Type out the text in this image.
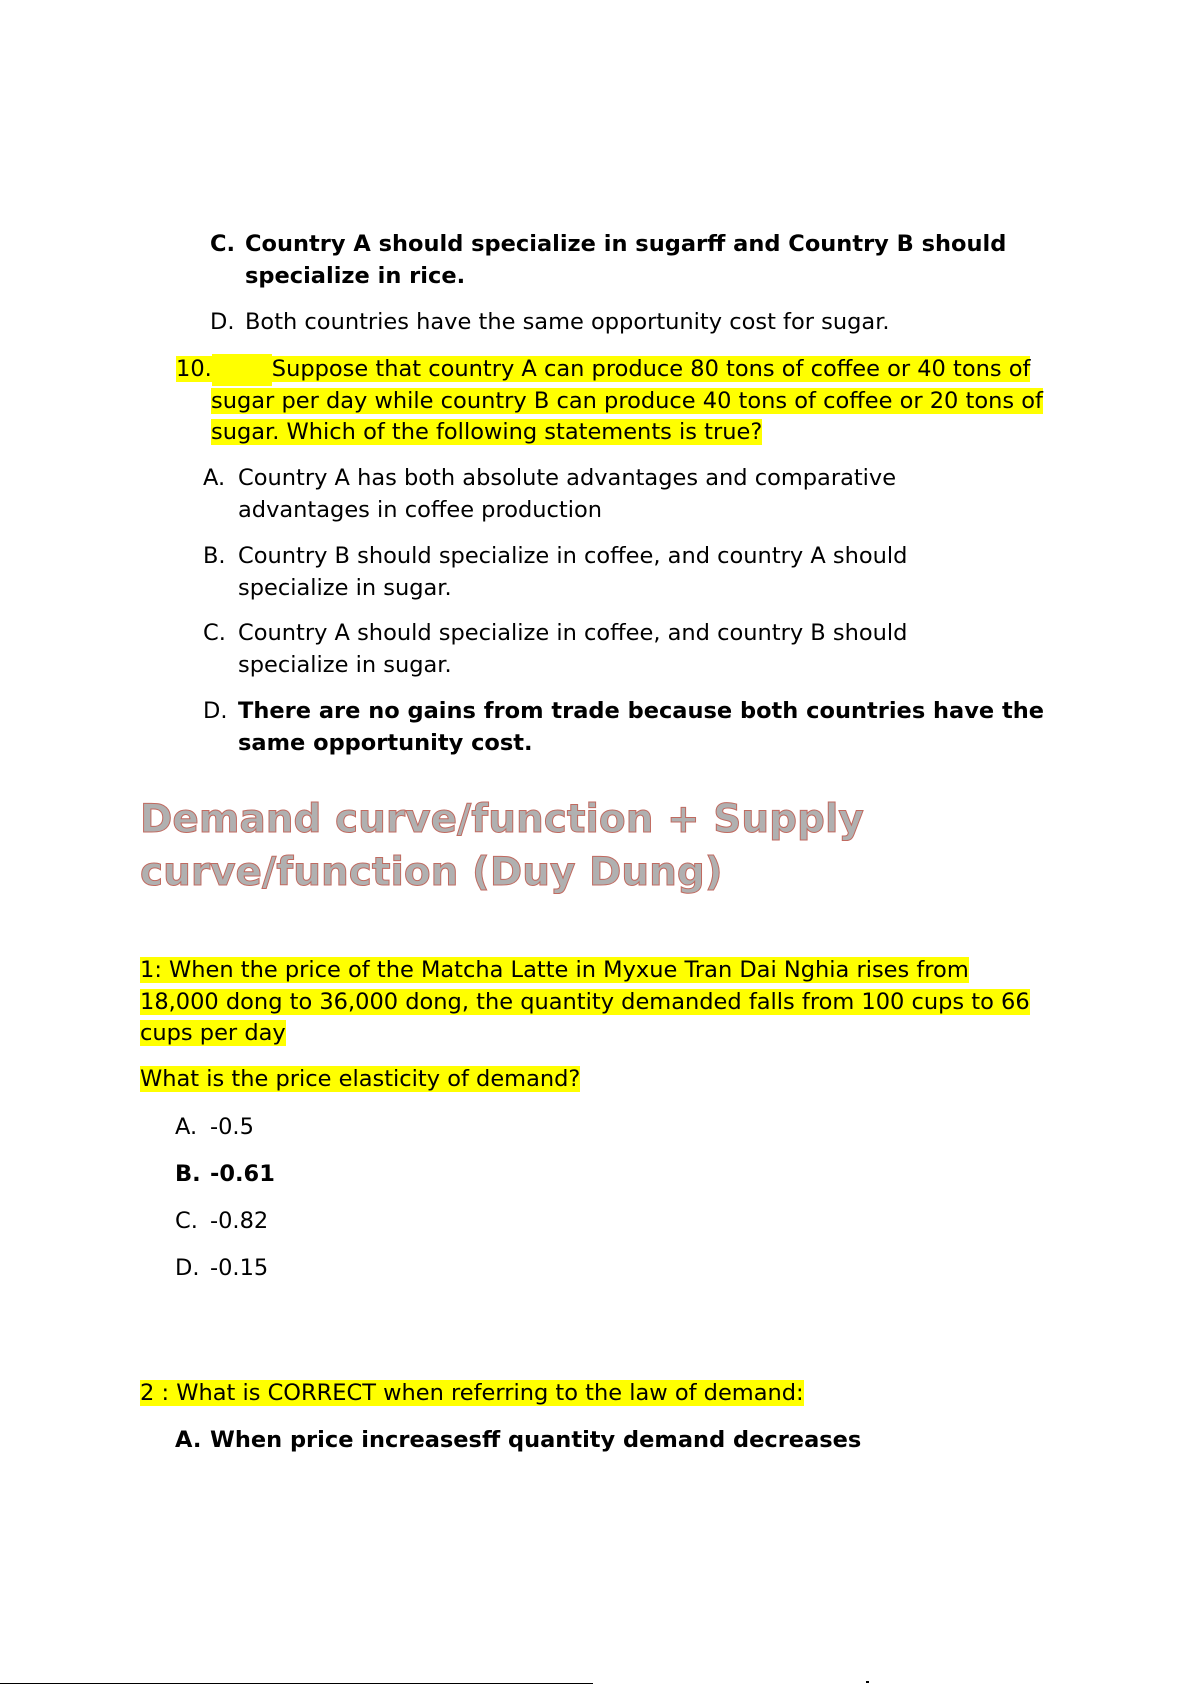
C. Country A should specialize in sugarff and Country B should specialize in rice.
D. Both countries have the same opportunity cost for sugar.
10.	Suppose that country A can produce 80 tons of coffee or 40 tons of sugar per day while country B can produce 40 tons of coffee or 20 tons of sugar. Which of the following statements is true?
A. Country A has both absolute advantages and comparative advantages in coffee production
B. Country B should specialize in coffee, and country A should specialize in sugar.
C. Country A should specialize in coffee, and country B should specialize in sugar.
D. There are no gains from trade because both countries have the same opportunity cost.
Demand curve/function + Supply curve/function (Duy Dung)
1: When the price of the Matcha Latte in Myxue Tran Dai Nghia rises from 18,000 dong to 36,000 dong, the quantity demanded falls from 100 cups to 66 cups per day
What is the price elasticity of demand?
A. -0.5
B. -0.61
C. -0.82
D. -0.15
2 : What is CORRECT when referring to the law of demand:
A. When price increasesff quantity demand decreases
